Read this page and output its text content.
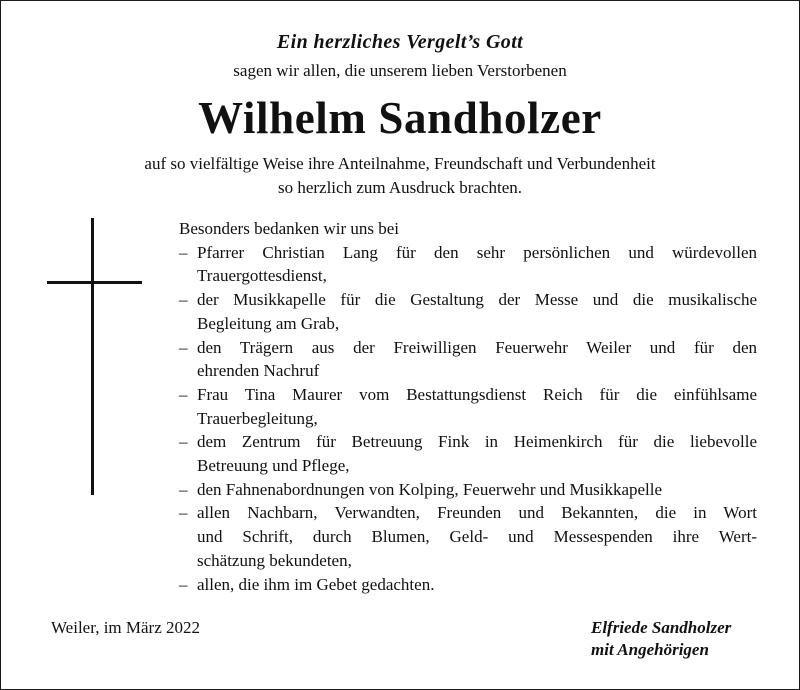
Ein herzliches Vergelt’s Gott
sagen wir allen, die unserem lieben Verstorbenen
Wilhelm Sandholzer
auf so vielfältige Weise ihre Anteilnahme, Freundschaft und Verbundenheit
so herzlich zum Ausdruck brachten.
Besonders bedanken wir uns bei
– Pfarrer Christian Lang für den sehr persönlichen und würdevollen
Trauergottesdienst,
– der Musikkapelle für die Gestaltung der Messe und die musikalische
Begleitung am Grab,
– den Trägern aus der Freiwilligen Feuerwehr Weiler und für den
ehrenden Nachruf
– Frau Tina Maurer vom Bestattungsdienst Reich für die einfühlsame
Trauerbegleitung,
– dem Zentrum für Betreuung Fink in Heimenkirch für die liebevolle
Betreuung und Pflege,
– den Fahnenabordnungen von Kolping, Feuerwehr und Musikkapelle
– allen Nachbarn, Verwandten, Freunden und Bekannten, die in Wort
und Schrift, durch Blumen, Geld- und Messespenden ihre Wert-
schätzung bekundeten,
– allen, die ihm im Gebet gedachten.
Weiler, im März 2022	Elfriede Sandholzer
mit Angehörigen
